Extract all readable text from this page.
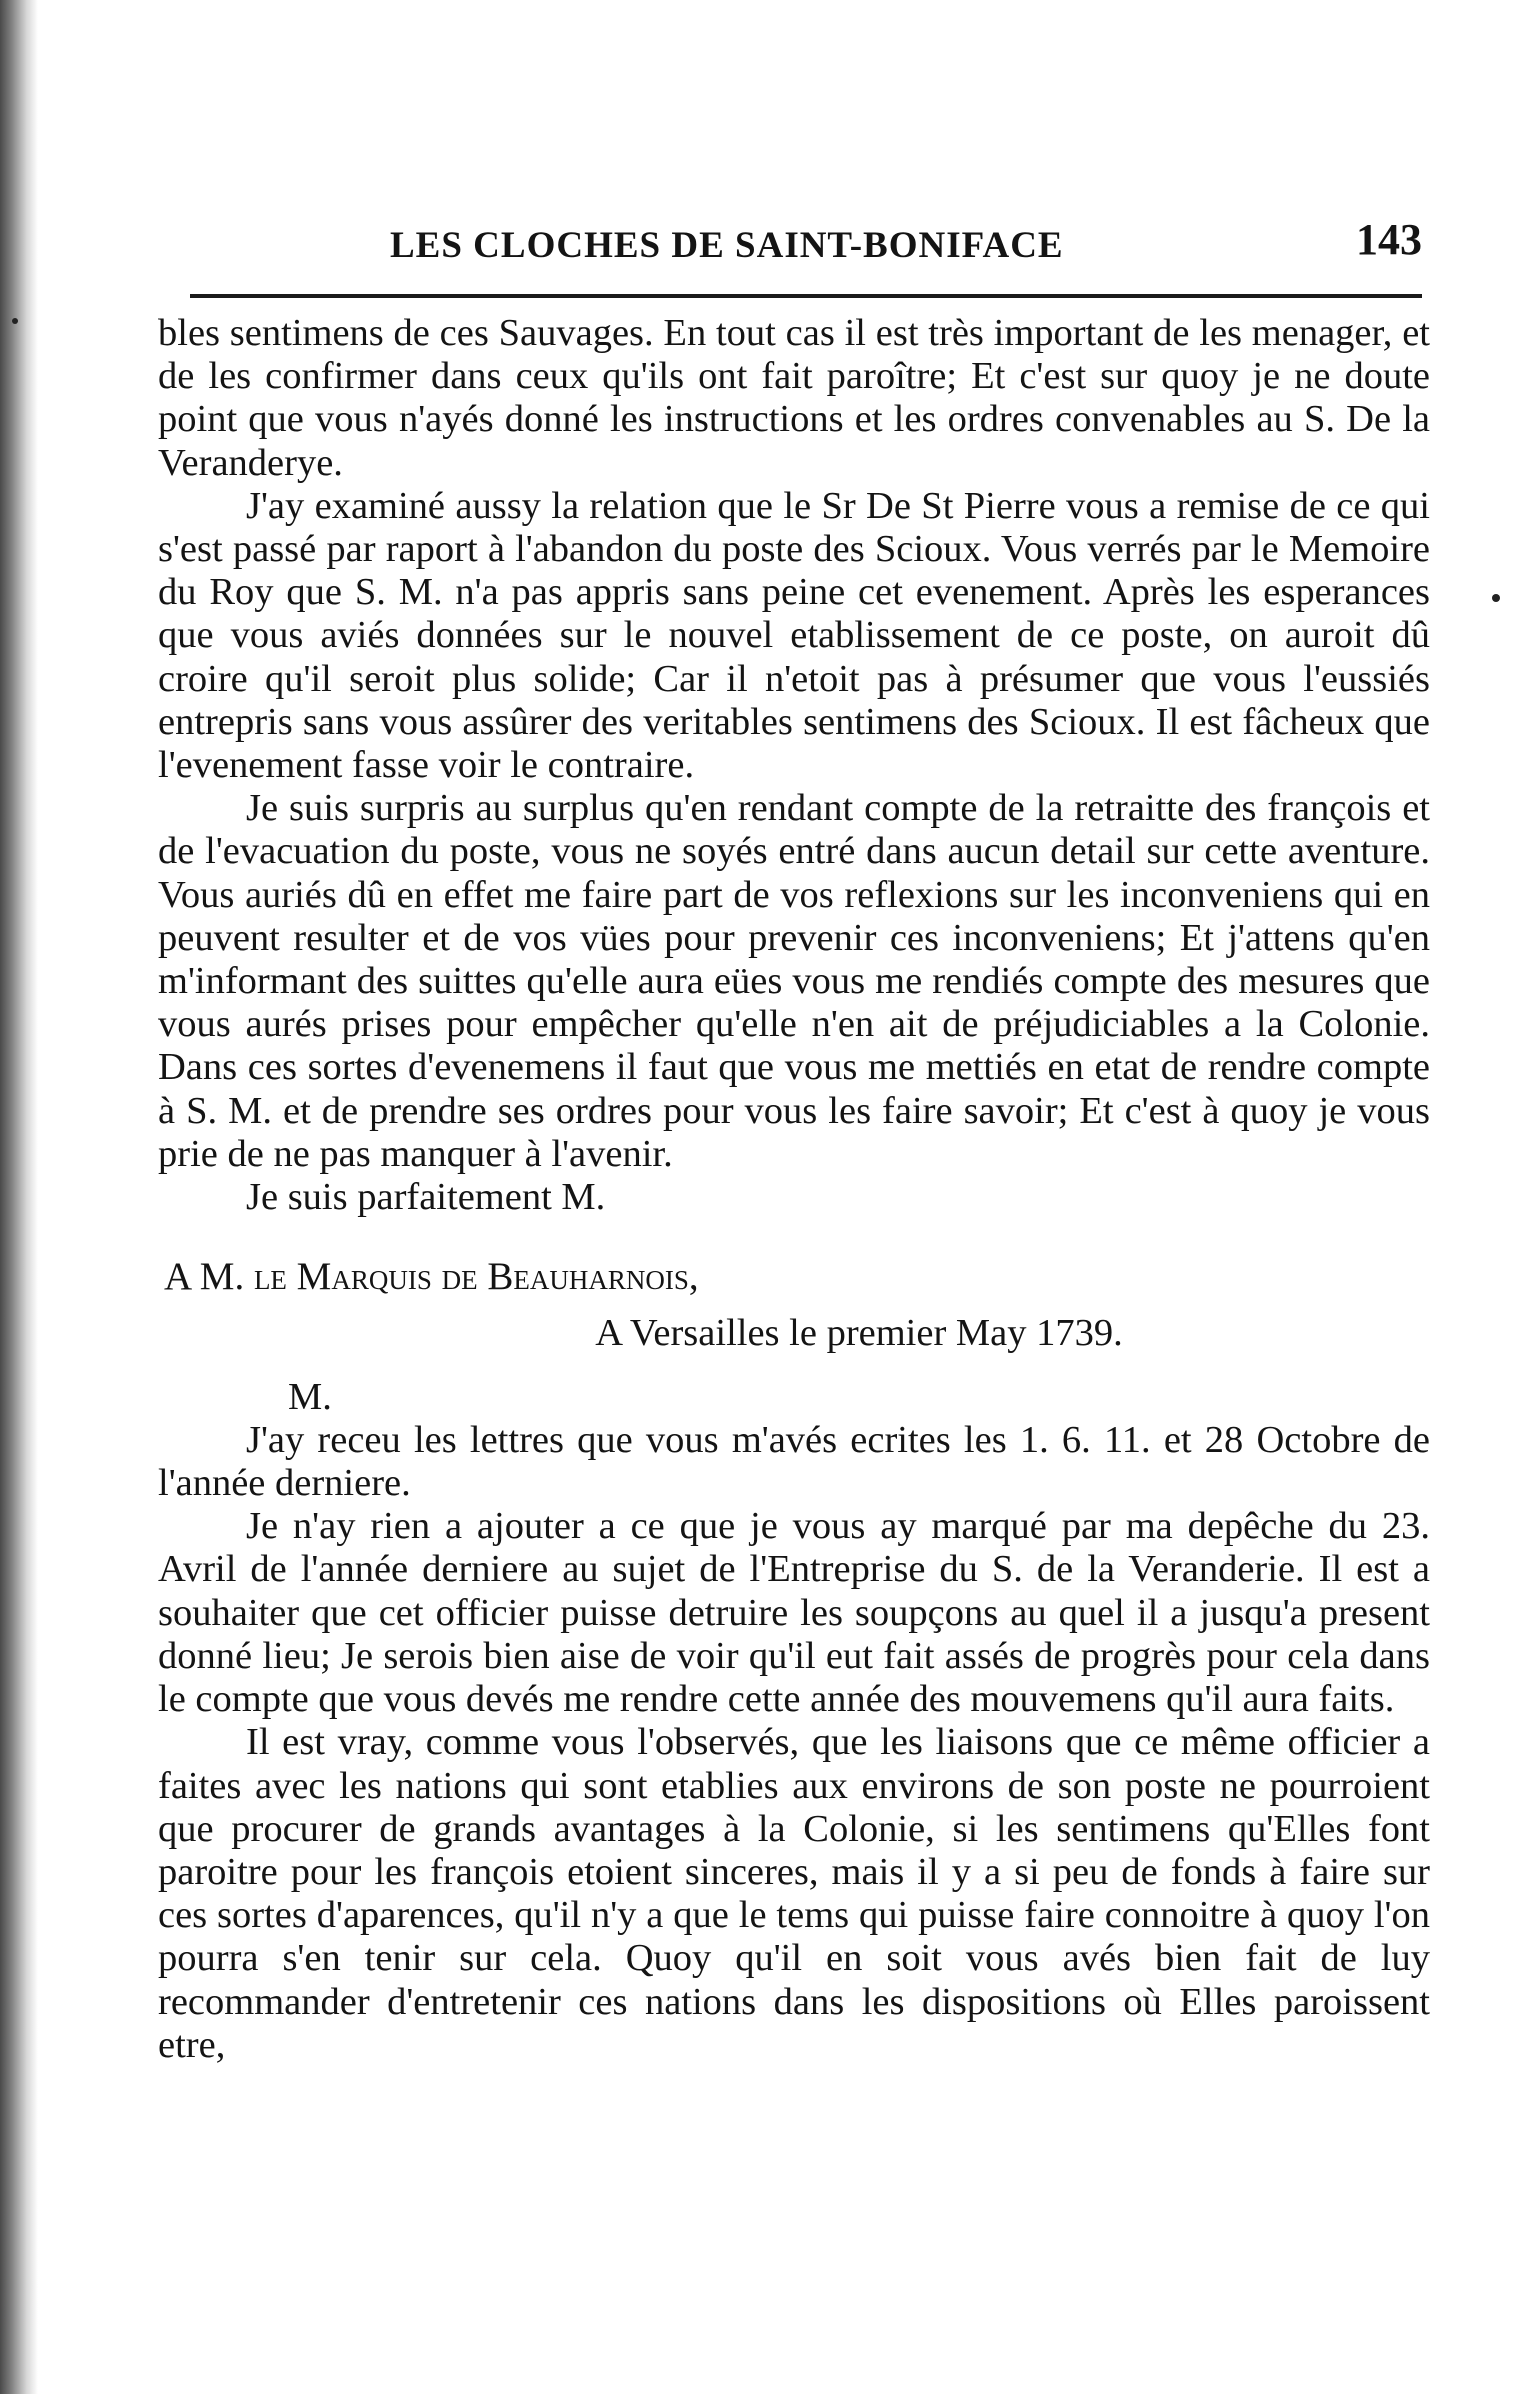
LES CLOCHES DE SAINT-BONIFACE	143

bles sentimens de ces Sauvages. En tout cas il est très important de les menager, et de les confirmer dans ceux qu'ils ont fait paroître; Et c'est sur quoy je ne doute point que vous n'ayés donné les instructions et les ordres convenables au S. De la Veranderye.

J'ay examiné aussy la relation que le Sr De St Pierre vous a remise de ce qui s'est passé par raport à l'abandon du poste des Scioux. Vous verrés par le Memoire du Roy que S. M. n'a pas appris sans peine cet evenement. Après les esperances que vous aviés données sur le nouvel etablissement de ce poste, on auroit dû croire qu'il seroit plus solide; Car il n'etoit pas à présumer que vous l'eussiés entrepris sans vous assûrer des veritables sentimens des Scioux. Il est fâcheux que l'evenement fasse voir le contraire.

Je suis surpris au surplus qu'en rendant compte de la retraitte des françois et de l'evacuation du poste, vous ne soyés entré dans aucun detail sur cette aventure. Vous auriés dû en effet me faire part de vos reflexions sur les inconveniens qui en peuvent resulter et de vos vües pour prevenir ces inconveniens; Et j'attens qu'en m'informant des suittes qu'elle aura eües vous me rendiés compte des mesures que vous aurés prises pour empêcher qu'elle n'en ait de préjudiciables a la Colonie. Dans ces sortes d'evenemens il faut que vous me mettiés en etat de rendre compte à S. M. et de prendre ses ordres pour vous les faire savoir; Et c'est à quoy je vous prie de ne pas manquer à l'avenir.

Je suis parfaitement M.

A M. le Marquis de Beauharnois,

A Versailles le premier May 1739.

M.

J'ay receu les lettres que vous m'avés ecrites les 1. 6. 11. et 28 Octobre de l'année derniere.

Je n'ay rien a ajouter a ce que je vous ay marqué par ma depêche du 23. Avril de l'année derniere au sujet de l'Entreprise du S. de la Veranderie. Il est a souhaiter que cet officier puisse detruire les soupçons au quel il a jusqu'a present donné lieu; Je serois bien aise de voir qu'il eut fait assés de progrès pour cela dans le compte que vous devés me rendre cette année des mouvemens qu'il aura faits.

Il est vray, comme vous l'observés, que les liaisons que ce même officier a faites avec les nations qui sont etablies aux environs de son poste ne pourroient que procurer de grands avantages à la Colonie, si les sentimens qu'Elles font paroitre pour les françois etoient sinceres, mais il y a si peu de fonds à faire sur ces sortes d'aparences, qu'il n'y a que le tems qui puisse faire connoitre à quoy l'on pourra s'en tenir sur cela. Quoy qu'il en soit vous avés bien fait de luy recommander d'entretenir ces nations dans les dispositions où Elles paroissent etre,
